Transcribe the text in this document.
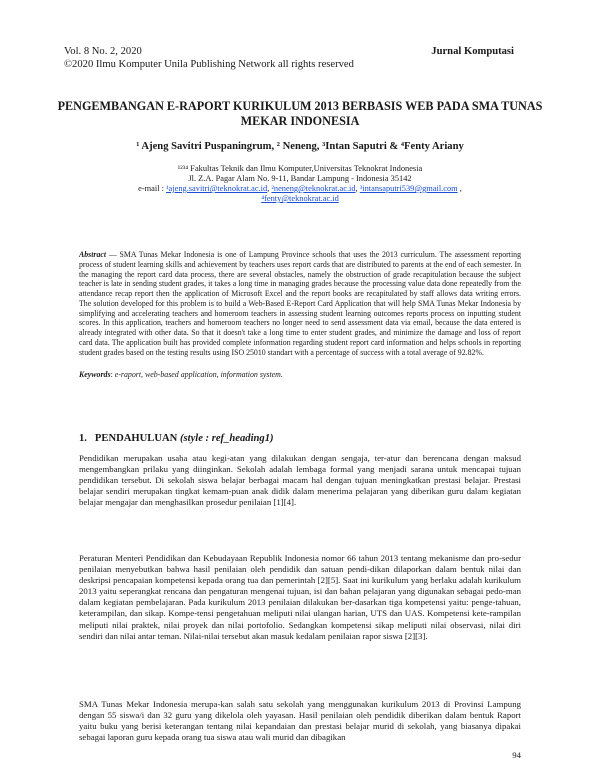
Vol. 8 No. 2, 2020
©2020 Ilmu Komputer Unila Publishing Network all rights reserved
Jurnal Komputasi
PENGEMBANGAN E-RAPORT KURIKULUM 2013 BERBASIS WEB PADA SMA TUNAS MEKAR INDONESIA
¹ Ajeng Savitri Puspaningrum, ² Neneng, ³Intan Saputri & ⁴Fenty Ariany
¹²³⁴ Fakultas Teknik dan Ilmu Komputer,Universitas Teknokrat Indonesia
Jl. Z.A. Pagar Alam No. 9-11, Bandar Lampung - Indonesia 35142
e-mail : ¹ajeng.savitri@teknokrat.ac.id, ²neneng@teknokrat.ac.id, ³intansaputri539@gmail.com ,
⁴fenty@teknokrat.ac.id
Abstract — SMA Tunas Mekar Indonesia is one of Lampung Province schools that uses the 2013 curriculum. The assessment reporting process of student learning skills and achievement by teachers uses report cards that are distributed to parents at the end of each semester. In the managing the report card data process, there are several obstacles, namely the obstruction of grade recapitulation because the subject teacher is late in sending student grades, it takes a long time in managing grades because the processing value data done repeatedly from the attendance recap report then the application of Microsoft Excel and the report books are recapitulated by staff allows data writing errors. The solution developed for this problem is to build a Web-Based E-Report Card Application that will help SMA Tunas Mekar Indonesia by simplifying and accelerating teachers and homeroom teachers in assessing student learning outcomes reports process on inputting student scores. In this application, teachers and homeroom teachers no longer need to send assessment data via email, because the data entered is already integrated with other data. So that it doesn't take a long time to enter student grades, and minimize the damage and loss of report card data. The application built has provided complete information regarding student report card information and helps schools in reporting student grades based on the testing results using ISO 25010 standart with a percentage of success with a total average of 92.82%.
Keywords: e-raport, web-based application, information system.
1. PENDAHULUAN (style : ref_heading1)
Pendidikan merupakan usaha atau kegi-atan yang dilakukan dengan sengaja, ter-atur dan berencana dengan maksud mengembangkan prilaku yang diinginkan. Sekolah adalah lembaga formal yang menjadi sarana untuk mencapai tujuan pendidikan tersebut. Di sekolah siswa belajar berbagai macam hal dengan tujuan meningkatkan prestasi belajar. Prestasi belajar sendiri merupakan tingkat kemam-puan anak didik dalam menerima pelajaran yang diberikan guru dalam kegiatan belajar mengajar dan menghasilkan prosedur penilaian [1][4].
Peraturan Menteri Pendidikan dan Kebudayaan Republik Indonesia nomor 66 tahun 2013 tentang mekanisme dan pro-sedur penilaian menyebutkan bahwa hasil penilaian oleh pendidik dan satuan pendi-dikan dilaporkan dalam bentuk nilai dan deskripsi pencapaian kompetensi kepada orang tua dan pemerintah [2][5]. Saat ini kurikulum yang berlaku adalah kurikulum 2013 yaitu seperangkat rencana dan pengaturan mengenai tujuan, isi dan bahan pelajaran yang digunakan sebagai pedo-man dalam kegiatan pembelajaran. Pada kurikulum 2013 penilaian dilakukan ber-dasarkan tiga kompetensi yaitu: penge-tahuan, keterampilan, dan sikap. Kompe-tensi pengetahuan meliputi nilai ulangan harian, UTS dan UAS. Kompetensi kete-rampilan meliputi nilai praktek, nilai proyek dan nilai portofolio. Sedangkan kompetensi sikap meliputi nilai observasi, nilai diri sendiri dan nilai antar teman. Nilai-nilai tersebut akan masuk kedalam penilaian rapor siswa [2][3].
SMA Tunas Mekar Indonesia merupa-kan salah satu sekolah yang menggunakan kurikulum 2013 di Provinsi Lampung dengan 55 siswa/i dan 32 guru yang dikelola oleh yayasan. Hasil penilaian oleh pendidik diberikan dalam bentuk Raport yaitu buku yang berisi keterangan tentang nilai kepandaian dan prestasi belajar murid di sekolah, yang biasanya dipakai sebagai laporan guru kepada orang tua siswa atau wali murid dan dibagikan
94
